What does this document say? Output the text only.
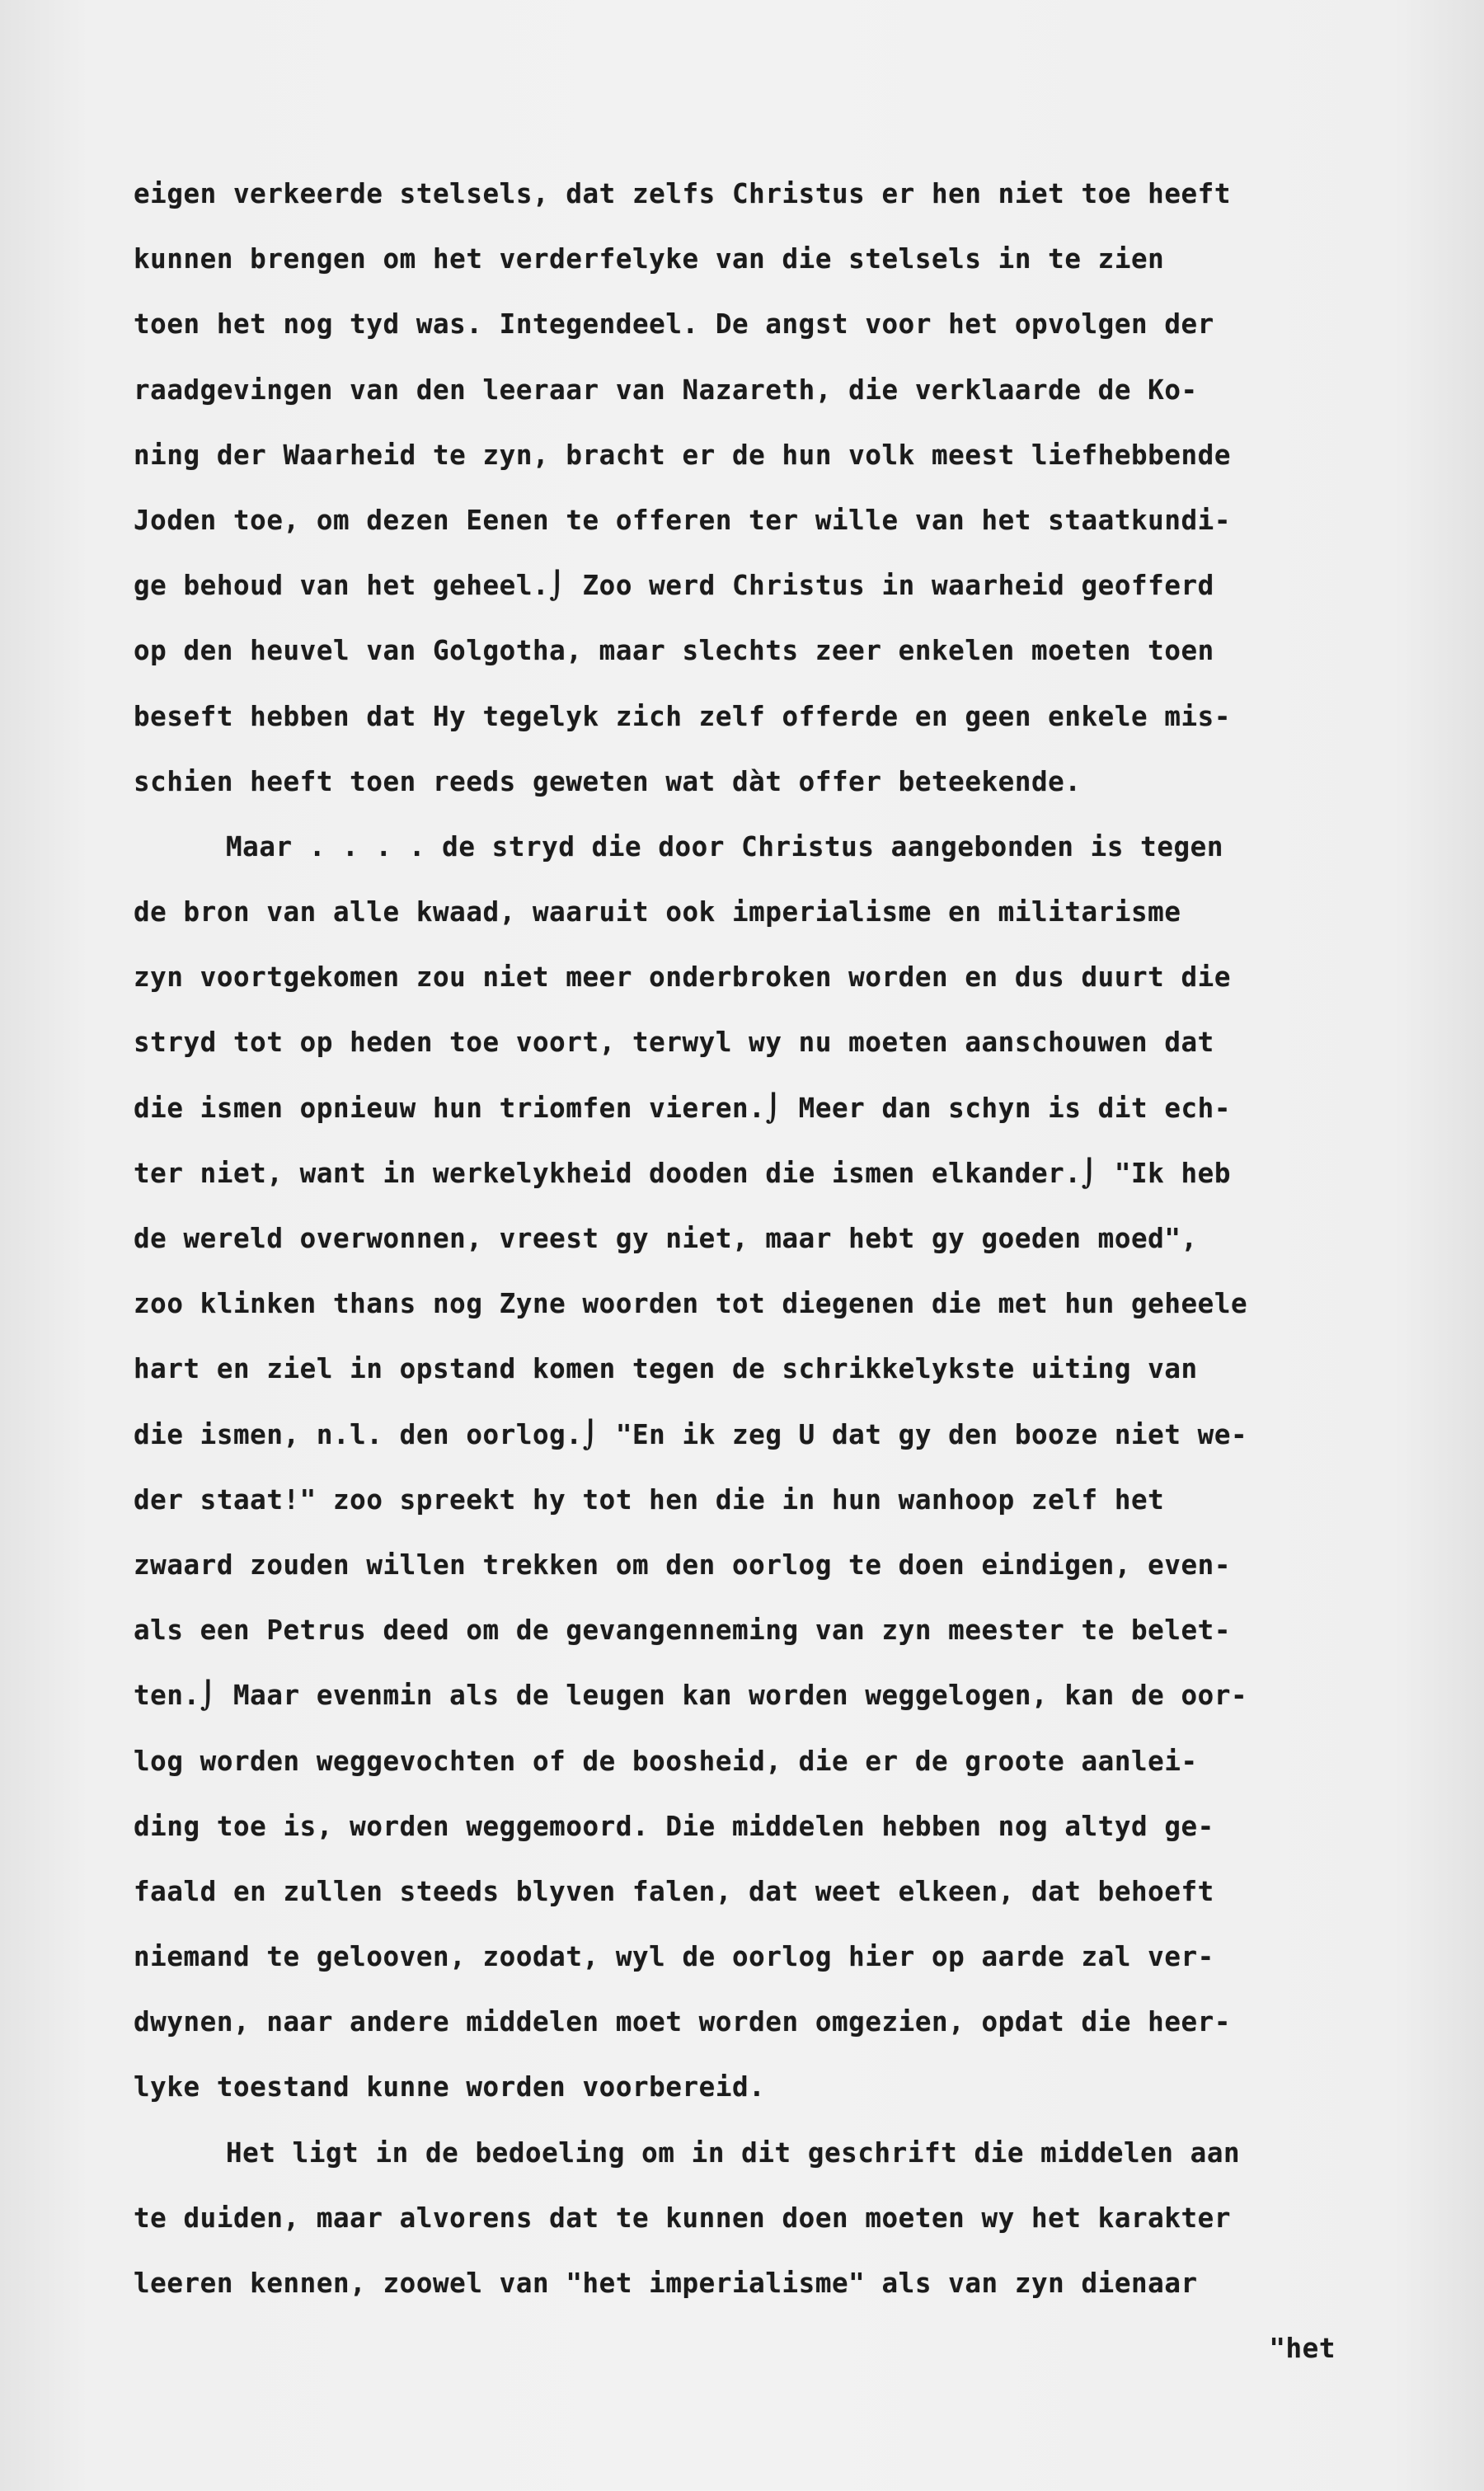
eigen verkeerde stelsels, dat zelfs Christus er hen niet toe heeft
kunnen brengen om het verderfelyke van die stelsels in te zien
toen het nog tyd was. Integendeel. De angst voor het opvolgen der
raadgevingen van den leeraar van Nazareth, die verklaarde de Ko-
ning der Waarheid te zyn, bracht er de hun volk meest liefhebbende
Joden toe, om dezen Eenen te offeren ter wille van het staatkundi-
ge behoud van het geheel.⌡ Zoo werd Christus in waarheid geofferd
op den heuvel van Golgotha, maar slechts zeer enkelen moeten toen
beseft hebben dat Hy tegelyk zich zelf offerde en geen enkele mis-
schien heeft toen reeds geweten wat dàt offer beteekende.
Maar . . . . de stryd die door Christus aangebonden is tegen
de bron van alle kwaad, waaruit ook imperialisme en militarisme
zyn voortgekomen zou niet meer onderbroken worden en dus duurt die
stryd tot op heden toe voort, terwyl wy nu moeten aanschouwen dat
die ismen opnieuw hun triomfen vieren.⌡ Meer dan schyn is dit ech-
ter niet, want in werkelykheid dooden die ismen elkander.⌡ "Ik heb
de wereld overwonnen, vreest gy niet, maar hebt gy goeden moed",
zoo klinken thans nog Zyne woorden tot diegenen die met hun geheele
hart en ziel in opstand komen tegen de schrikkelykste uiting van
die ismen, n.l. den oorlog.⌡ "En ik zeg U dat gy den booze niet we-
der staat!" zoo spreekt hy tot hen die in hun wanhoop zelf het
zwaard zouden willen trekken om den oorlog te doen eindigen, even-
als een Petrus deed om de gevangenneming van zyn meester te belet-
ten.⌡ Maar evenmin als de leugen kan worden weggelogen, kan de oor-
log worden weggevochten of de boosheid, die er de groote aanlei-
ding toe is, worden weggemoord. Die middelen hebben nog altyd ge-
faald en zullen steeds blyven falen, dat weet elkeen, dat behoeft
niemand te gelooven, zoodat, wyl de oorlog hier op aarde zal ver-
dwynen, naar andere middelen moet worden omgezien, opdat die heer-
lyke toestand kunne worden voorbereid.
Het ligt in de bedoeling om in dit geschrift die middelen aan
te duiden, maar alvorens dat te kunnen doen moeten wy het karakter
leeren kennen, zoowel van "het imperialisme" als van zyn dienaar
"het
